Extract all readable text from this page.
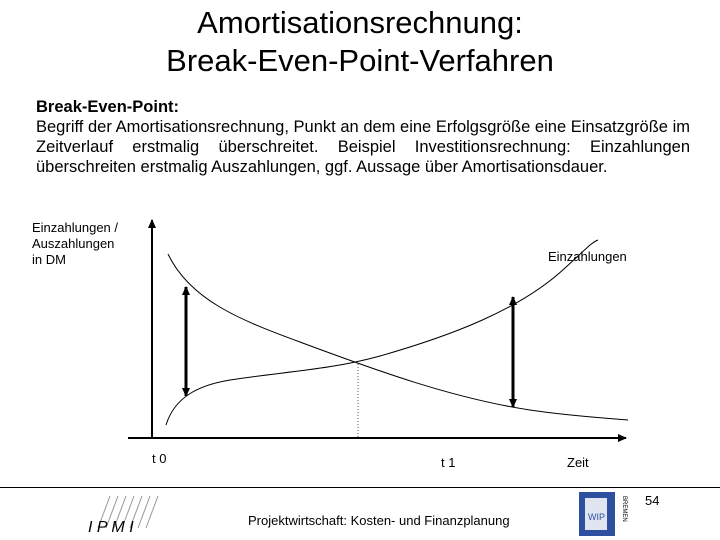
Amortisationsrechnung:
Break-Even-Point-Verfahren
Break-Even-Point:
Begriff der Amortisationsrechnung, Punkt an dem eine Erfolgsgröße eine Einsatzgröße im Zeitverlauf erstmalig überschreitet. Beispiel Investitionsrechnung: Einzahlungen überschreiten erstmalig Auszahlungen, ggf. Aussage über Amortisationsdauer.
Einzahlungen /
Auszahlungen
in DM	Einzahlungen
t 0	t 1	Zeit
I P M I
WIP	BREMEN 54
Projektwirtschaft: Kosten- und Finanzplanung
